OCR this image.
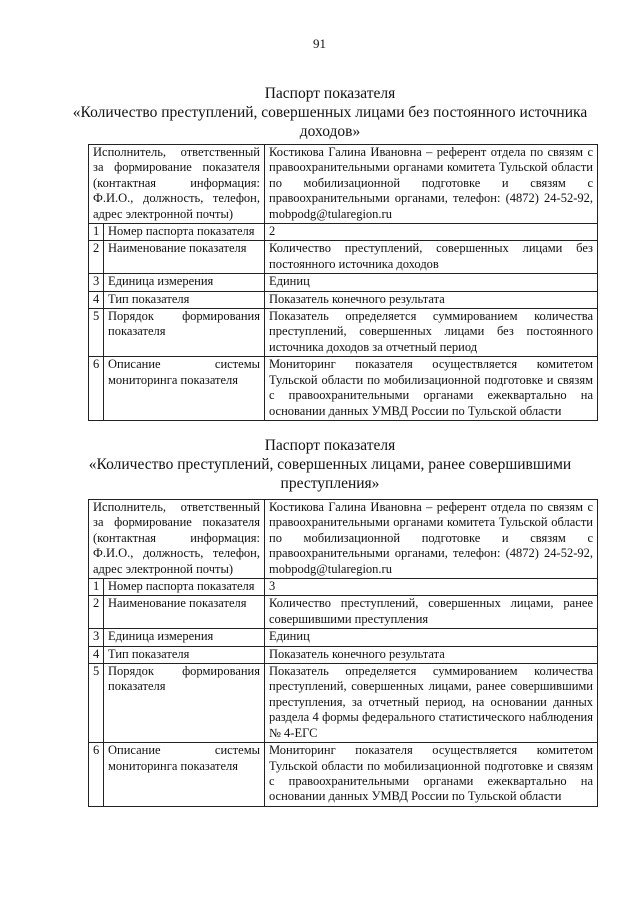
91
Паспорт показателя
«Количество преступлений, совершенных лицами без постоянного источника
доходов»
Исполнитель, ответственный за формирование показателя (контактная информация: Ф.И.О., должность, телефон, адрес электронной почты)		Костикова Галина Ивановна – референт отдела по связям с правоохранительными органами комитета Тульской области по мобилизационной подготовке и связям с правоохранительными органами, телефон: (4872) 24-52-92, mobpodg@tularegion.ru
1	Номер паспорта показателя	2
2	Наименование показателя	Количество преступлений, совершенных лицами без постоянного источника доходов
3	Единица измерения	Единиц
4	Тип показателя	Показатель конечного результата
5	Порядок формирования показателя	Показатель определяется суммированием количества преступлений, совершенных лицами без постоянного источника доходов за отчетный период
6	Описание системы мониторинга показателя	Мониторинг показателя осуществляется комитетом Тульской области по мобилизационной подготовке и связям с правоохранительными органами ежеквартально на основании данных УМВД России по Тульской области
Паспорт показателя
«Количество преступлений, совершенных лицами, ранее совершившими
преступления»
Исполнитель, ответственный за формирование показателя (контактная информация: Ф.И.О., должность, телефон, адрес электронной почты)		Костикова Галина Ивановна – референт отдела по связям с правоохранительными органами комитета Тульской области по мобилизационной подготовке и связям с правоохранительными органами, телефон: (4872) 24-52-92, mobpodg@tularegion.ru
1	Номер паспорта показателя	3
2	Наименование показателя	Количество преступлений, совершенных лицами, ранее совершившими преступления
3	Единица измерения	Единиц
4	Тип показателя	Показатель конечного результата
5	Порядок формирования показателя	Показатель определяется суммированием количества преступлений, совершенных лицами, ранее совершившими преступления, за отчетный период, на основании данных раздела 4 формы федерального статистического наблюдения № 4-ЕГС
6	Описание системы мониторинга показателя	Мониторинг показателя осуществляется комитетом Тульской области по мобилизационной подготовке и связям с правоохранительными органами ежеквартально на основании данных УМВД России по Тульской области
